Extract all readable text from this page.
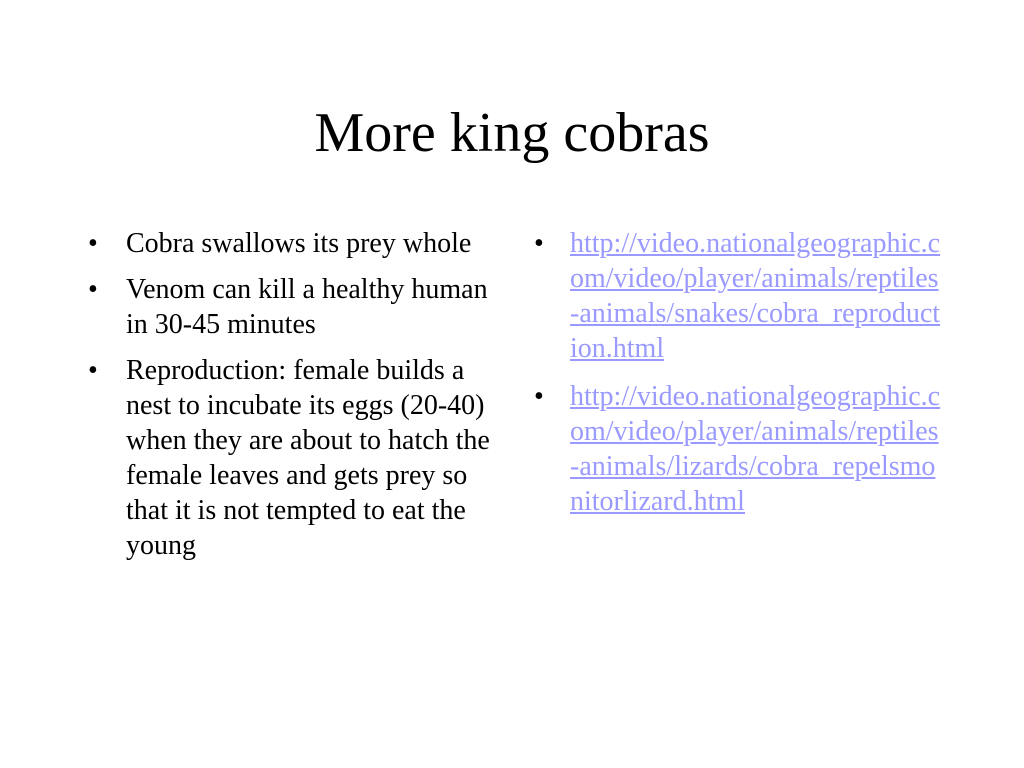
More king cobras
•	Cobra swallows its prey whole
•	Venom can kill a healthy human in 30-45 minutes
•	Reproduction: female builds a nest to incubate its eggs (20-40) when they are about to hatch the female leaves and gets prey so that it is not tempted to eat the young
• http://video.nationalgeographic.com/video/player/animals/reptiles-animals/snakes/cobra_reproduction.html
• http://video.nationalgeographic.com/video/player/animals/reptiles-animals/lizards/cobra_repelsmonitorlizard.html
